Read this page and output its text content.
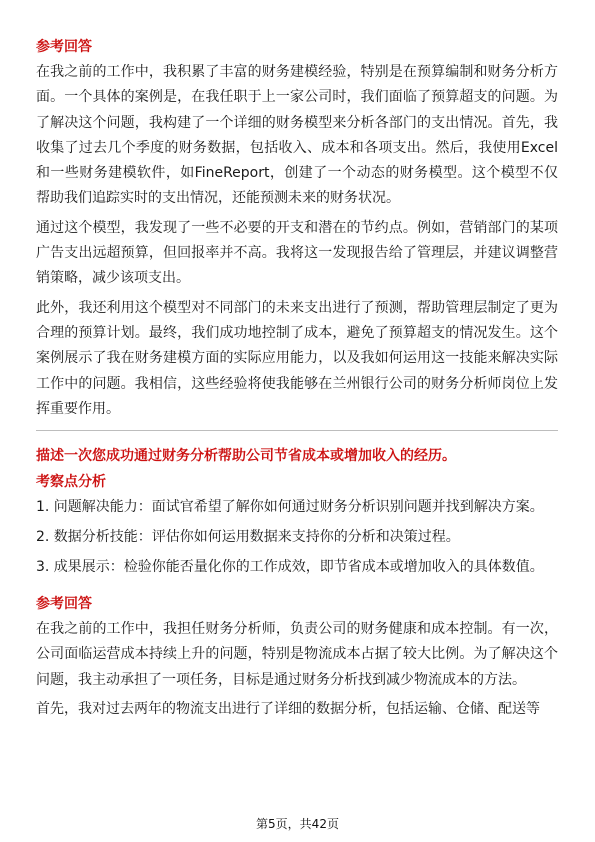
参考回答

在我之前的工作中，我积累了丰富的财务建模经验，特别是在预算编制和财务分析方面。一个具体的案例是，在我任职于上一家公司时，我们面临了预算超支的问题。为了解决这个问题，我构建了一个详细的财务模型来分析各部门的支出情况。首先，我收集了过去几个季度的财务数据，包括收入、成本和各项支出。然后，我使用Excel和一些财务建模软件，如FineReport，创建了一个动态的财务模型。这个模型不仅帮助我们追踪实时的支出情况，还能预测未来的财务状况。

通过这个模型，我发现了一些不必要的开支和潜在的节约点。例如，营销部门的某项广告支出远超预算，但回报率并不高。我将这一发现报告给了管理层，并建议调整营销策略，减少该项支出。

此外，我还利用这个模型对不同部门的未来支出进行了预测，帮助管理层制定了更为合理的预算计划。最终，我们成功地控制了成本，避免了预算超支的情况发生。这个案例展示了我在财务建模方面的实际应用能力，以及我如何运用这一技能来解决实际工作中的问题。我相信，这些经验将使我能够在兰州银行公司的财务分析师岗位上发挥重要作用。

描述一次您成功通过财务分析帮助公司节省成本或增加收入的经历。
考察点分析
1. 问题解决能力：面试官希望了解你如何通过财务分析识别问题并找到解决方案。
2. 数据分析技能：评估你如何运用数据来支持你的分析和决策过程。
3. 成果展示：检验你能否量化你的工作成效，即节省成本或增加收入的具体数值。
参考回答

在我之前的工作中，我担任财务分析师，负责公司的财务健康和成本控制。有一次，公司面临运营成本持续上升的问题，特别是物流成本占据了较大比例。为了解决这个问题，我主动承担了一项任务，目标是通过财务分析找到减少物流成本的方法。

首先，我对过去两年的物流支出进行了详细的数据分析，包括运输、仓储、配送等

第5页，共42页
